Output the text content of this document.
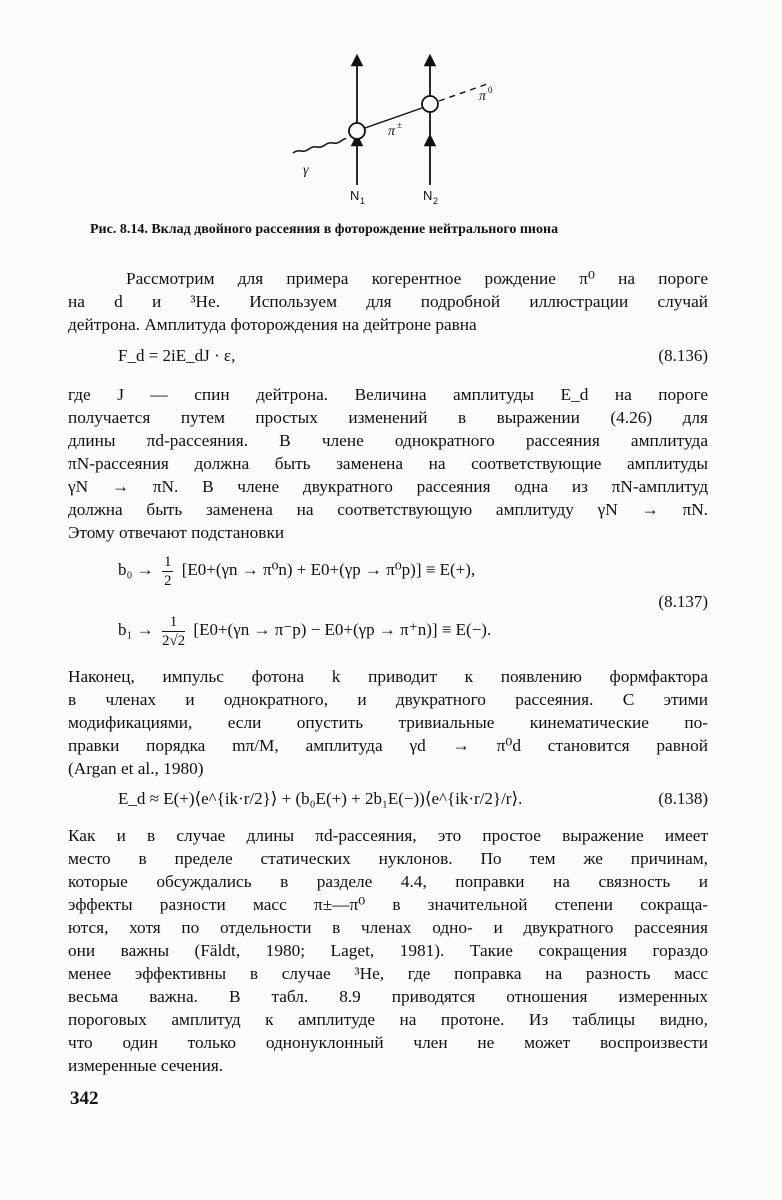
γ
π ±
π 0
N 1	N 2
Рис. 8.14. Вклад двойного рассеяния в фоторождение нейтрального пиона
Рассмотрим для примера когерентное рождение π⁰ на пороге
на d и ³He. Используем для подробной иллюстрации случай
дейтрона. Амплитуда фоторождения на дейтроне равна
F_d = 2iE_dJ · ε,	(8.136)
где J — спин дейтрона. Величина амплитуды E_d на пороге
получается путем простых изменений в выражении (4.26) для
длины πd-рассеяния. В члене однократного рассеяния амплитуда
πN-рассеяния должна быть заменена на соответствующие амплитуды
γN → πN. В члене двукратного рассеяния одна из πN-амплитуд
должна быть заменена на соответствующую амплитуду γN → πN.
Этому отвечают подстановки
$b_0 \to \frac{1}{2} [E0+(\gamma n \to \pi^0n) + E0+(\gamma p \to \pi^0p)] \equiv E(+)$,
(8.137)
$b_1 \to \frac{1}{2√2} [E0+(\gamma n \to \pi^-p) - E0+(\gamma p \to \pi^+n)] \equiv E(-)$.
Наконец, импульс фотона k приводит к появлению формфактора
в членах и однократного, и двукратного рассеяния. С этими
модификациями, если опустить тривиальные кинематические по-
правки порядка mπ/M, амплитуда γd → π⁰d становится равной
(Argan et al., 1980)
E_d ≈ E(+)⟨e^{ik·r/2}⟩ + (b₀E(+) + 2b₁E(−))⟨e^{ik·r/2}/r⟩.	(8.138)
Как и в случае длины πd-рассеяния, это простое выражение имеет
место в пределе статических нуклонов. По тем же причинам,
которые обсуждались в разделе 4.4, поправки на связность и
эффекты разности масс π±—π⁰ в значительной степени сокраща-
ются, хотя по отдельности в членах одно- и двукратного рассеяния
они важны (Fäldt, 1980; Laget, 1981). Такие сокращения гораздо
менее эффективны в случае ³He, где поправка на разность масс
весьма важна. В табл. 8.9 приводятся отношения измеренных
пороговых амплитуд к амплитуде на протоне. Из таблицы видно,
что один только однонуклонный член не может воспроизвести
измеренные сечения.
342
